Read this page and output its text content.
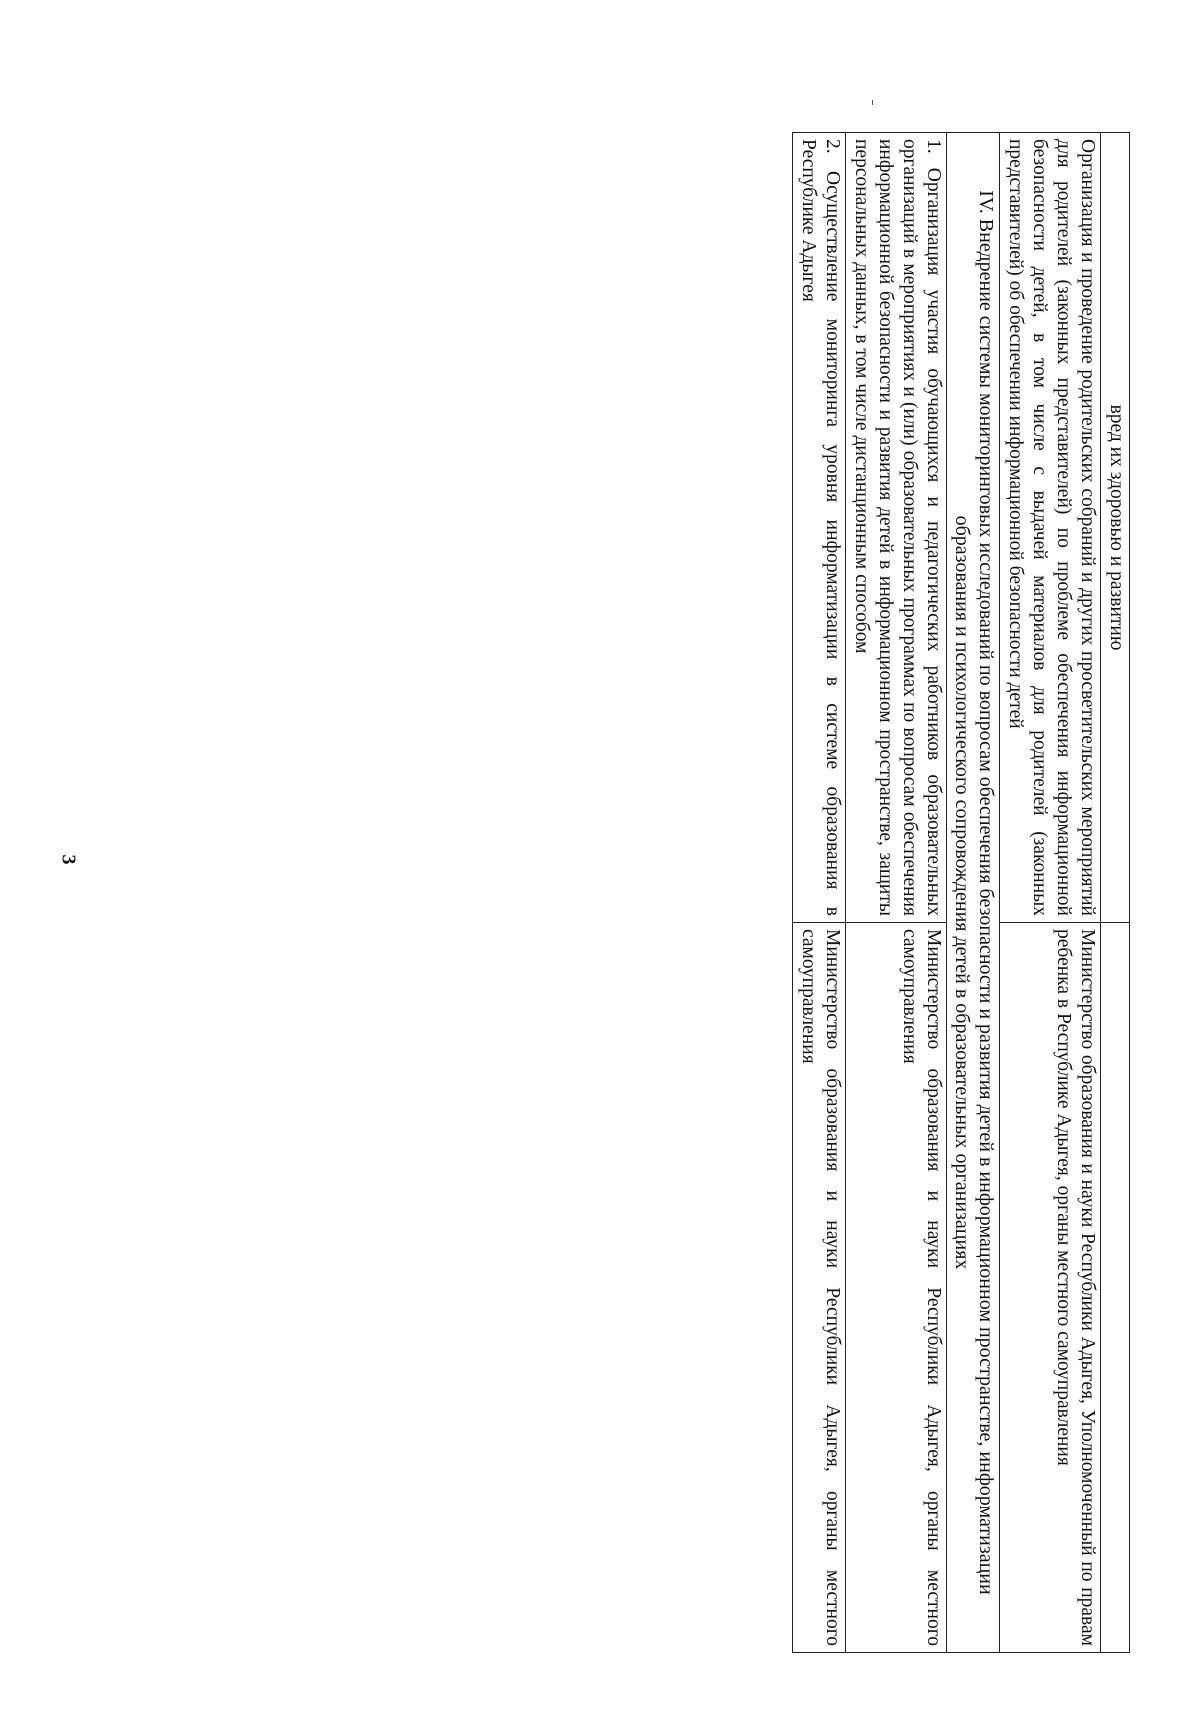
3
вред их здоровью и развитию	
Организация и проведение родительских собраний и других просветительских мероприятий для родителей (законных представителей) по проблеме обеспечения информационной безопасности детей, в том числе с выдачей материалов для родителей (законных представителей) об обеспечении информационной безопасности детей	Министерство образования и науки Республики Адыгея, Уполномоченный по правам ребенка в Республике Адыгея, органы местного самоуправления
IV. Внедрение системы мониторинговых исследований по вопросам обеспечения безопасности и развития детей в информационном пространстве, информатизации образования и психологического сопровождения детей в образовательных организациях	
1. Организация участия обучающихся и педагогических работников образовательных организаций в мероприятиях и (или) образовательных программах по вопросам обеспечения информационной безопасности и развития детей в информационном пространстве, защиты персональных данных, в том числе дистанционным способом	Министерство образования и науки Республики Адыгея, органы местного самоуправления
2. Осуществление мониторинга уровня информатизации в системе образования в Республике Адыгея	Министерство образования и науки Республики Адыгея, органы местного самоуправления
